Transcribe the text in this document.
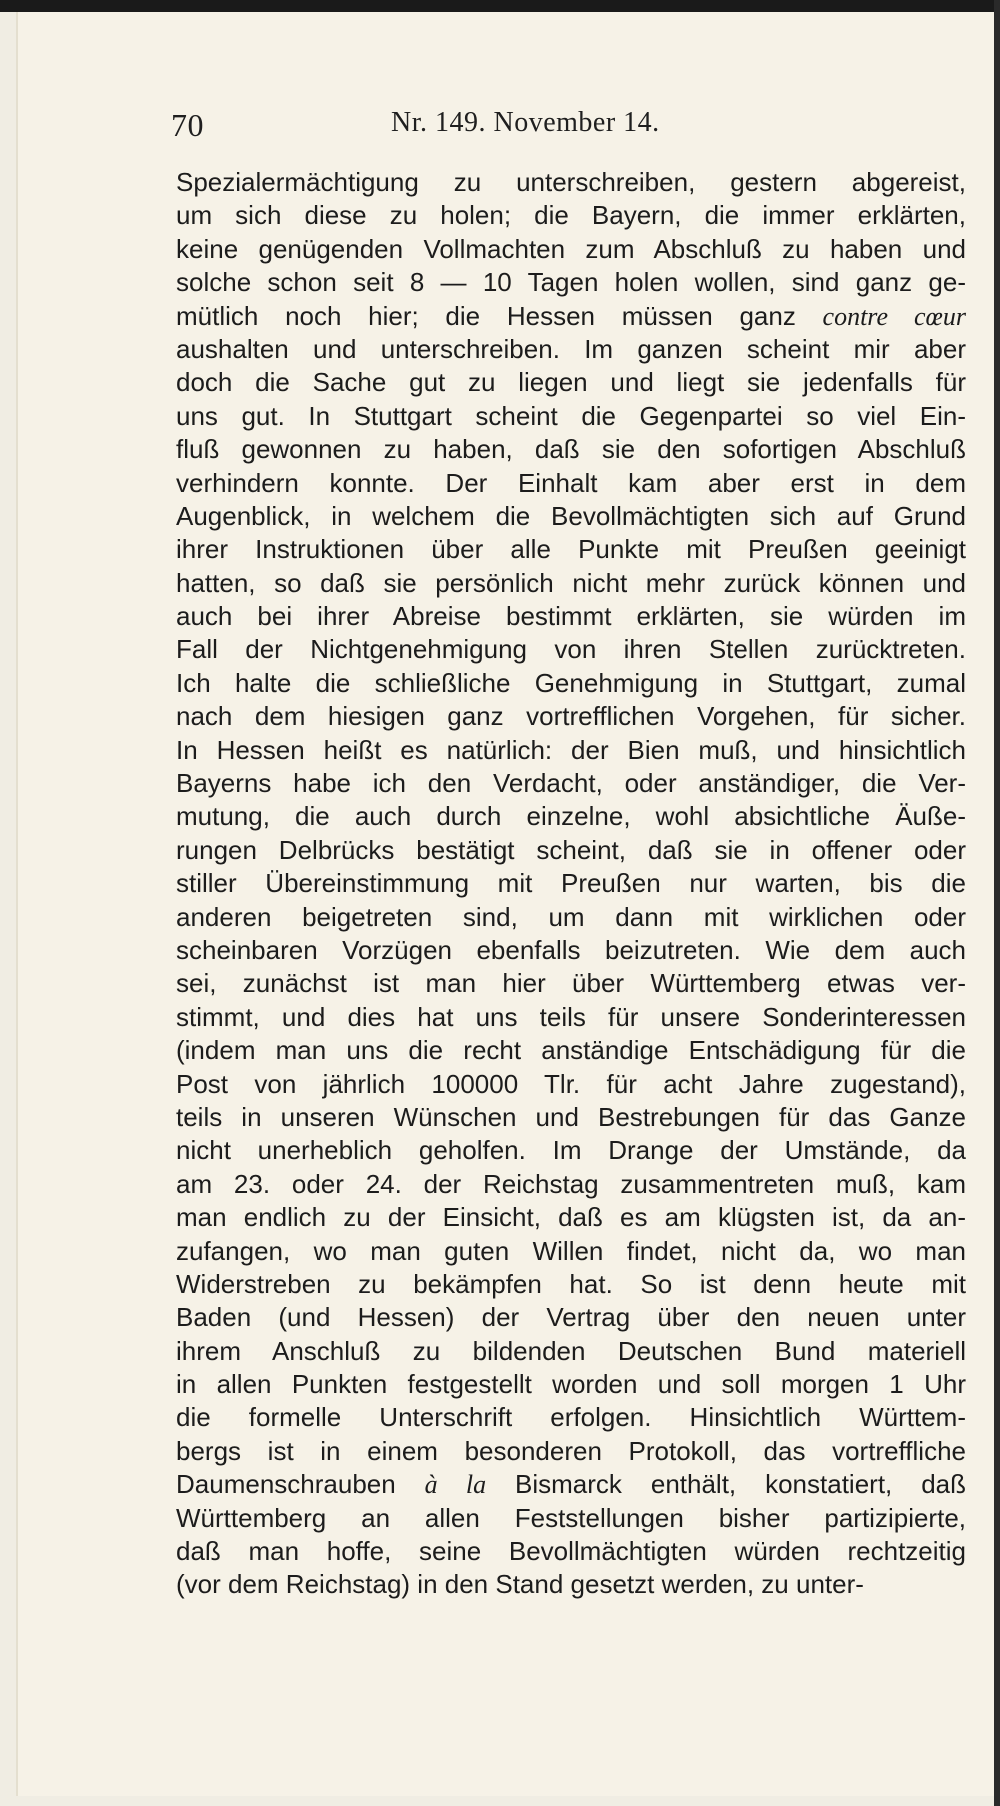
70	Nr. 149. November 14.
Spezialermächtigung zu unterschreiben, gestern abgereist,
um sich diese zu holen; die Bayern, die immer erklärten,
keine genügenden Vollmachten zum Abschluß zu haben und
solche schon seit 8 — 10 Tagen holen wollen, sind ganz ge-
mütlich noch hier; die Hessen müssen ganz contre cœur
aushalten und unterschreiben. Im ganzen scheint mir aber
doch die Sache gut zu liegen und liegt sie jedenfalls für
uns gut. In Stuttgart scheint die Gegenpartei so viel Ein-
fluß gewonnen zu haben, daß sie den sofortigen Abschluß
verhindern konnte. Der Einhalt kam aber erst in dem
Augenblick, in welchem die Bevollmächtigten sich auf Grund
ihrer Instruktionen über alle Punkte mit Preußen geeinigt
hatten, so daß sie persönlich nicht mehr zurück können und
auch bei ihrer Abreise bestimmt erklärten, sie würden im
Fall der Nichtgenehmigung von ihren Stellen zurücktreten.
Ich halte die schließliche Genehmigung in Stuttgart, zumal
nach dem hiesigen ganz vortrefflichen Vorgehen, für sicher.
In Hessen heißt es natürlich: der Bien muß, und hinsichtlich
Bayerns habe ich den Verdacht, oder anständiger, die Ver-
mutung, die auch durch einzelne, wohl absichtliche Äuße-
rungen Delbrücks bestätigt scheint, daß sie in offener oder
stiller Übereinstimmung mit Preußen nur warten, bis die
anderen beigetreten sind, um dann mit wirklichen oder
scheinbaren Vorzügen ebenfalls beizutreten. Wie dem auch
sei, zunächst ist man hier über Württemberg etwas ver-
stimmt, und dies hat uns teils für unsere Sonderinteressen
(indem man uns die recht anständige Entschädigung für die
Post von jährlich 100000 Tlr. für acht Jahre zugestand),
teils in unseren Wünschen und Bestrebungen für das Ganze
nicht unerheblich geholfen. Im Drange der Umstände, da
am 23. oder 24. der Reichstag zusammentreten muß, kam
man endlich zu der Einsicht, daß es am klügsten ist, da an-
zufangen, wo man guten Willen findet, nicht da, wo man
Widerstreben zu bekämpfen hat. So ist denn heute mit
Baden (und Hessen) der Vertrag über den neuen unter
ihrem Anschluß zu bildenden Deutschen Bund materiell
in allen Punkten festgestellt worden und soll morgen 1 Uhr
die formelle Unterschrift erfolgen. Hinsichtlich Württem-
bergs ist in einem besonderen Protokoll, das vortreffliche
Daumenschrauben à la Bismarck enthält, konstatiert, daß
Württemberg an allen Feststellungen bisher partizipierte,
daß man hoffe, seine Bevollmächtigten würden rechtzeitig
(vor dem Reichstag) in den Stand gesetzt werden, zu unter-
